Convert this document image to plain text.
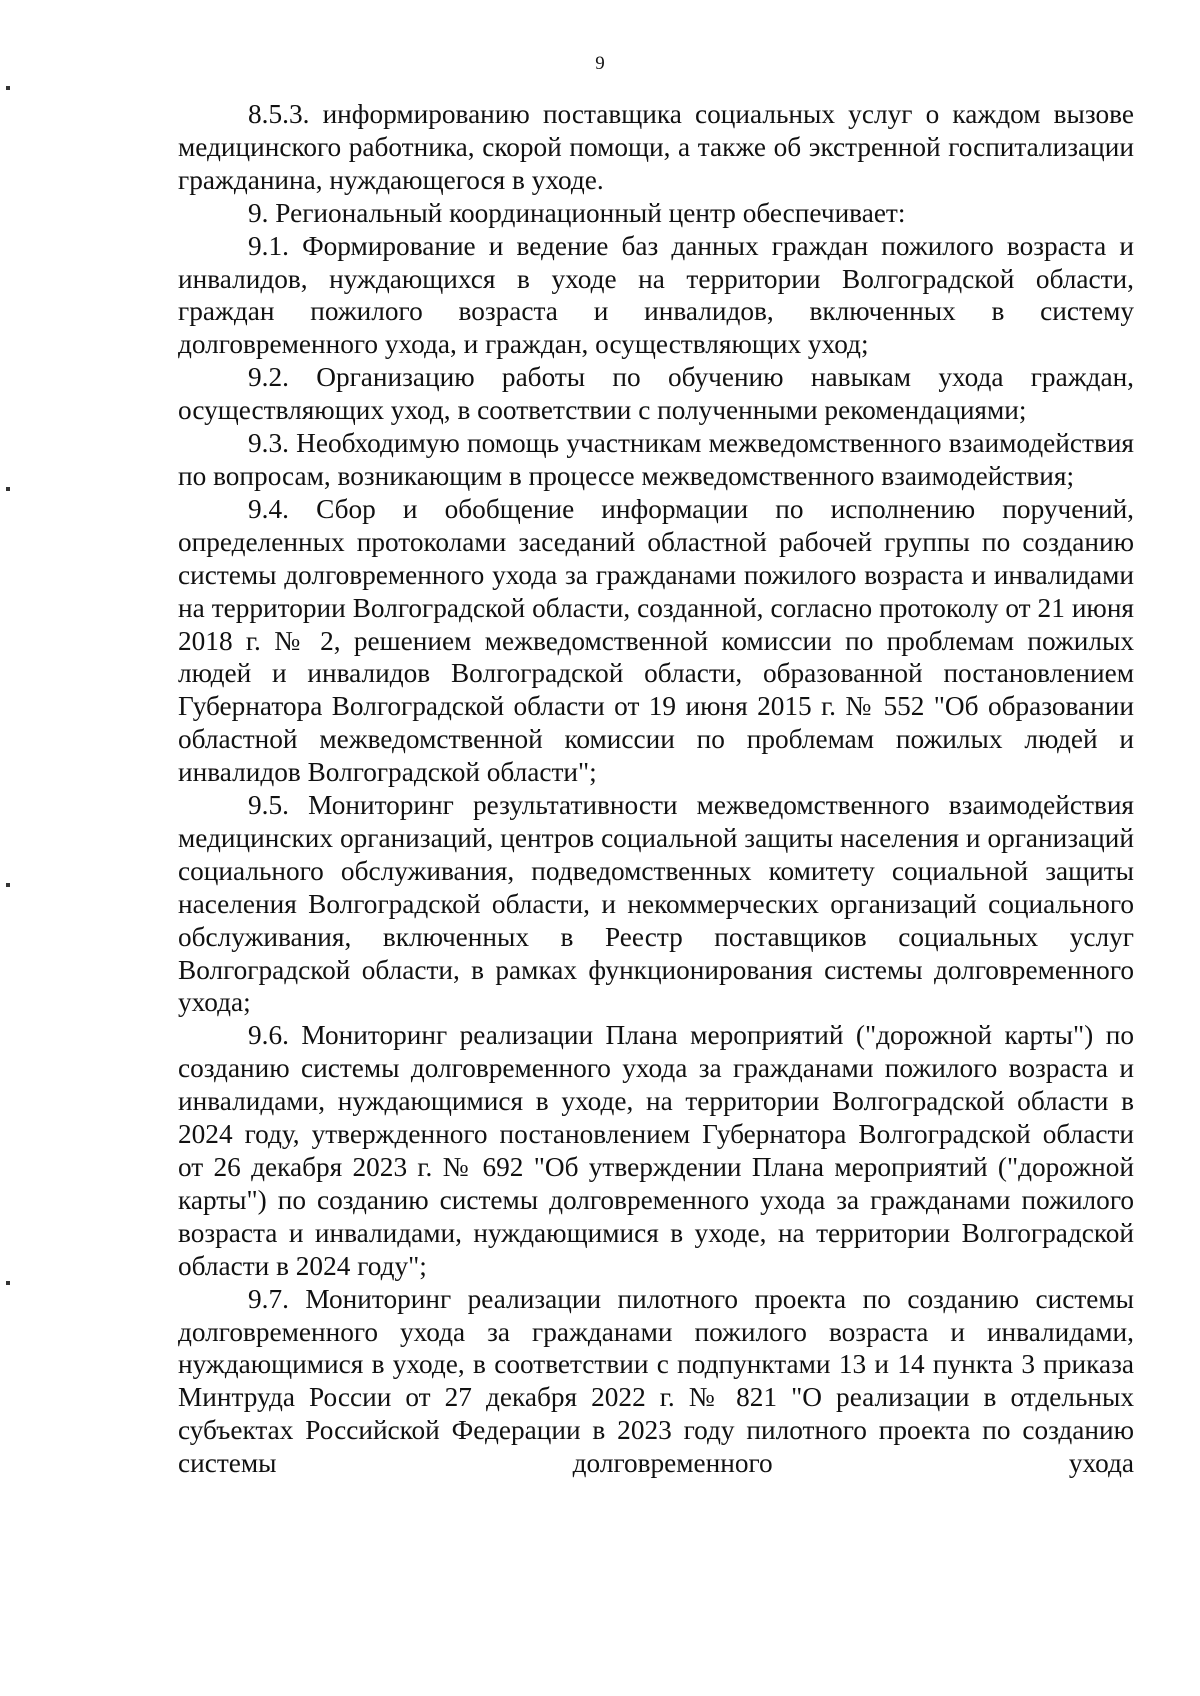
9

8.5.3. информированию поставщика социальных услуг о каждом вызове медицинского работника, скорой помощи, а также об экстренной госпитализации гражданина, нуждающегося в уходе.

9. Региональный координационный центр обеспечивает:

9.1. Формирование и ведение баз данных граждан пожилого возраста и инвалидов, нуждающихся в уходе на территории Волгоградской области, граждан пожилого возраста и инвалидов, включенных в систему долговременного ухода, и граждан, осуществляющих уход;

9.2. Организацию работы по обучению навыкам ухода граждан, осуществляющих уход, в соответствии с полученными рекомендациями;

9.3. Необходимую помощь участникам межведомственного взаимодействия по вопросам, возникающим в процессе межведомственного взаимодействия;

9.4. Сбор и обобщение информации по исполнению поручений, определенных протоколами заседаний областной рабочей группы по созданию системы долговременного ухода за гражданами пожилого возраста и инвалидами на территории Волгоградской области, созданной, согласно протоколу от 21 июня 2018 г. № 2, решением межведомственной комиссии по проблемам пожилых людей и инвалидов Волгоградской области, образованной постановлением Губернатора Волгоградской области от 19 июня 2015 г. № 552 "Об образовании областной межведомственной комиссии по проблемам пожилых людей и инвалидов Волгоградской области";

9.5. Мониторинг результативности межведомственного взаимодействия медицинских организаций, центров социальной защиты населения и организаций социального обслуживания, подведомственных комитету социальной защиты населения Волгоградской области, и некоммерческих организаций социального обслуживания, включенных в Реестр поставщиков социальных услуг Волгоградской области, в рамках функционирования системы долговременного ухода;

9.6. Мониторинг реализации Плана мероприятий ("дорожной карты") по созданию системы долговременного ухода за гражданами пожилого возраста и инвалидами, нуждающимися в уходе, на территории Волгоградской области в 2024 году, утвержденного постановлением Губернатора Волгоградской области от 26 декабря 2023 г. № 692 "Об утверждении Плана мероприятий ("дорожной карты") по созданию системы долговременного ухода за гражданами пожилого возраста и инвалидами, нуждающимися в уходе, на территории Волгоградской области в 2024 году";

9.7. Мониторинг реализации пилотного проекта по созданию системы долговременного ухода за гражданами пожилого возраста и инвалидами, нуждающимися в уходе, в соответствии с подпунктами 13 и 14 пункта 3 приказа Минтруда России от 27 декабря 2022 г. № 821 "О реализации в отдельных субъектах Российской Федерации в 2023 году пилотного проекта по созданию системы долговременного ухода
